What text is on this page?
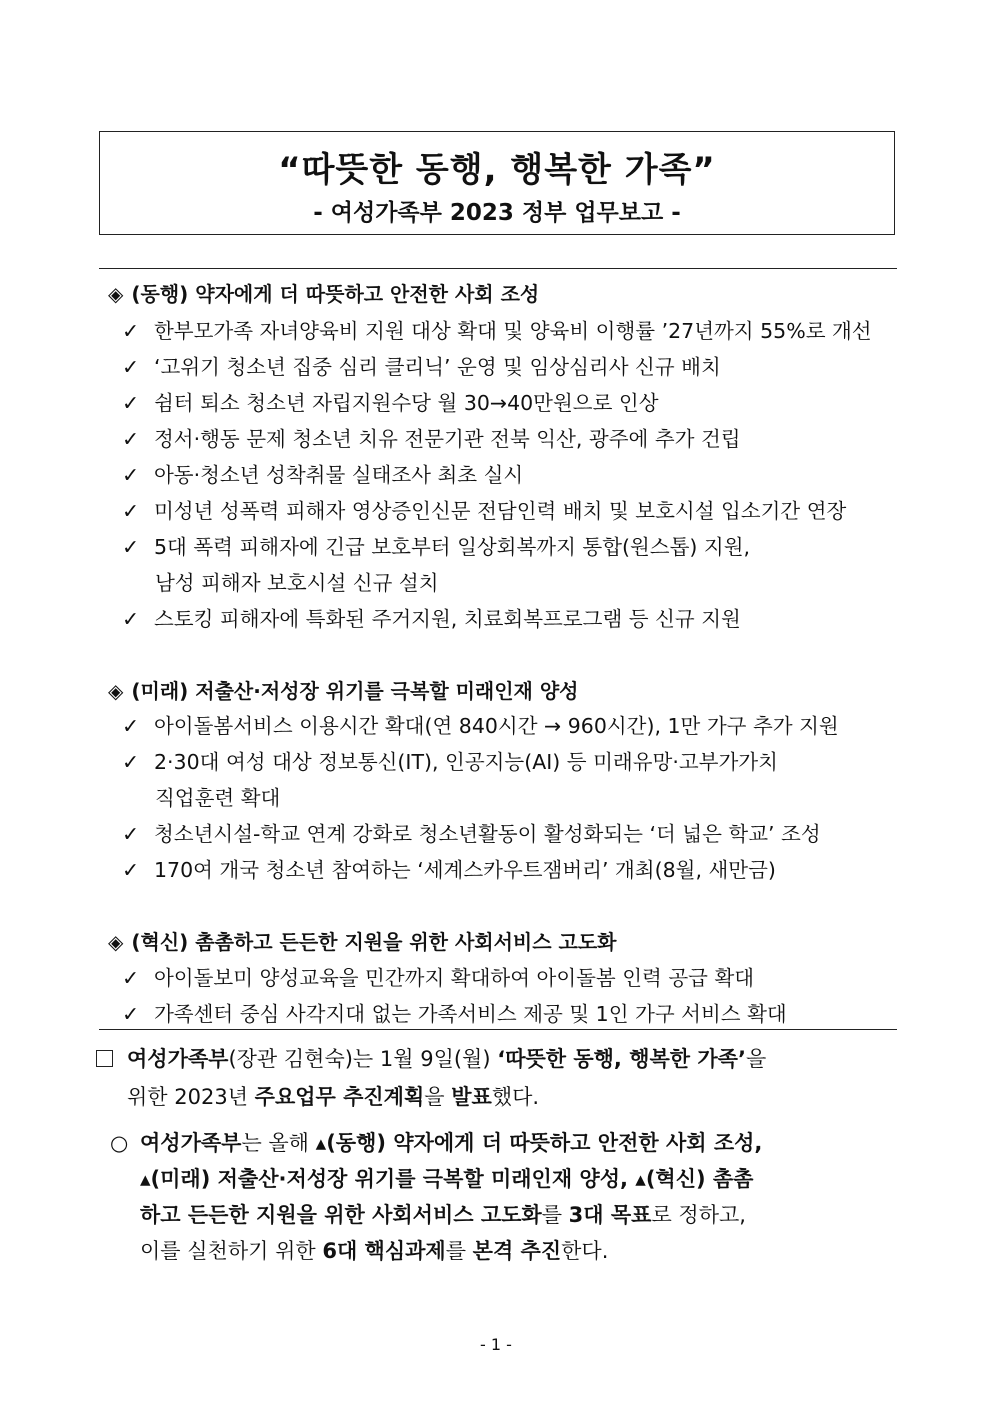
“따뜻한 동행, 행복한 가족”
- 여성가족부 2023 정부 업무보고 -
◈ (동행) 약자에게 더 따뜻하고 안전한 사회 조성
✓ 한부모가족 자녀양육비 지원 대상 확대 및 양육비 이행률 ’27년까지 55%로 개선
✓ ‘고위기 청소년 집중 심리 클리닉’ 운영 및 임상심리사 신규 배치
✓ 쉼터 퇴소 청소년 자립지원수당 월 30→40만원으로 인상
✓ 정서·행동 문제 청소년 치유 전문기관 전북 익산, 광주에 추가 건립
✓ 아동·청소년 성착취물 실태조사 최초 실시
✓ 미성년 성폭력 피해자 영상증인신문 전담인력 배치 및 보호시설 입소기간 연장
✓ 5대 폭력 피해자에 긴급 보호부터 일상회복까지 통합(원스톱) 지원,
남성 피해자 보호시설 신규 설치
✓ 스토킹 피해자에 특화된 주거지원, 치료회복프로그램 등 신규 지원
◈ (미래) 저출산·저성장 위기를 극복할 미래인재 양성
✓ 아이돌봄서비스 이용시간 확대(연 840시간 → 960시간), 1만 가구 추가 지원
✓ 2·30대 여성 대상 정보통신(IT), 인공지능(AI) 등 미래유망·고부가가치
직업훈련 확대
✓ 청소년시설-학교 연계 강화로 청소년활동이 활성화되는 ‘더 넓은 학교’ 조성
✓ 170여 개국 청소년 참여하는 ‘세계스카우트잼버리’ 개최(8월, 새만금)
◈ (혁신) 촘촘하고 든든한 지원을 위한 사회서비스 고도화
✓ 아이돌보미 양성교육을 민간까지 확대하여 아이돌봄 인력 공급 확대
✓ 가족센터 중심 사각지대 없는 가족서비스 제공 및 1인 가구 서비스 확대
여성가족부(장관 김현숙)는 1월 9일(월) ‘따뜻한 동행, 행복한 가족’을
위한 2023년 주요업무 추진계획을 발표했다.
○ 여성가족부는 올해 ▴(동행) 약자에게 더 따뜻하고 안전한 사회 조성,
▴(미래) 저출산·저성장 위기를 극복할 미래인재 양성, ▴(혁신) 촘촘
하고 든든한 지원을 위한 사회서비스 고도화를 3대 목표로 정하고,
이를 실천하기 위한 6대 핵심과제를 본격 추진한다.
- 1 -
